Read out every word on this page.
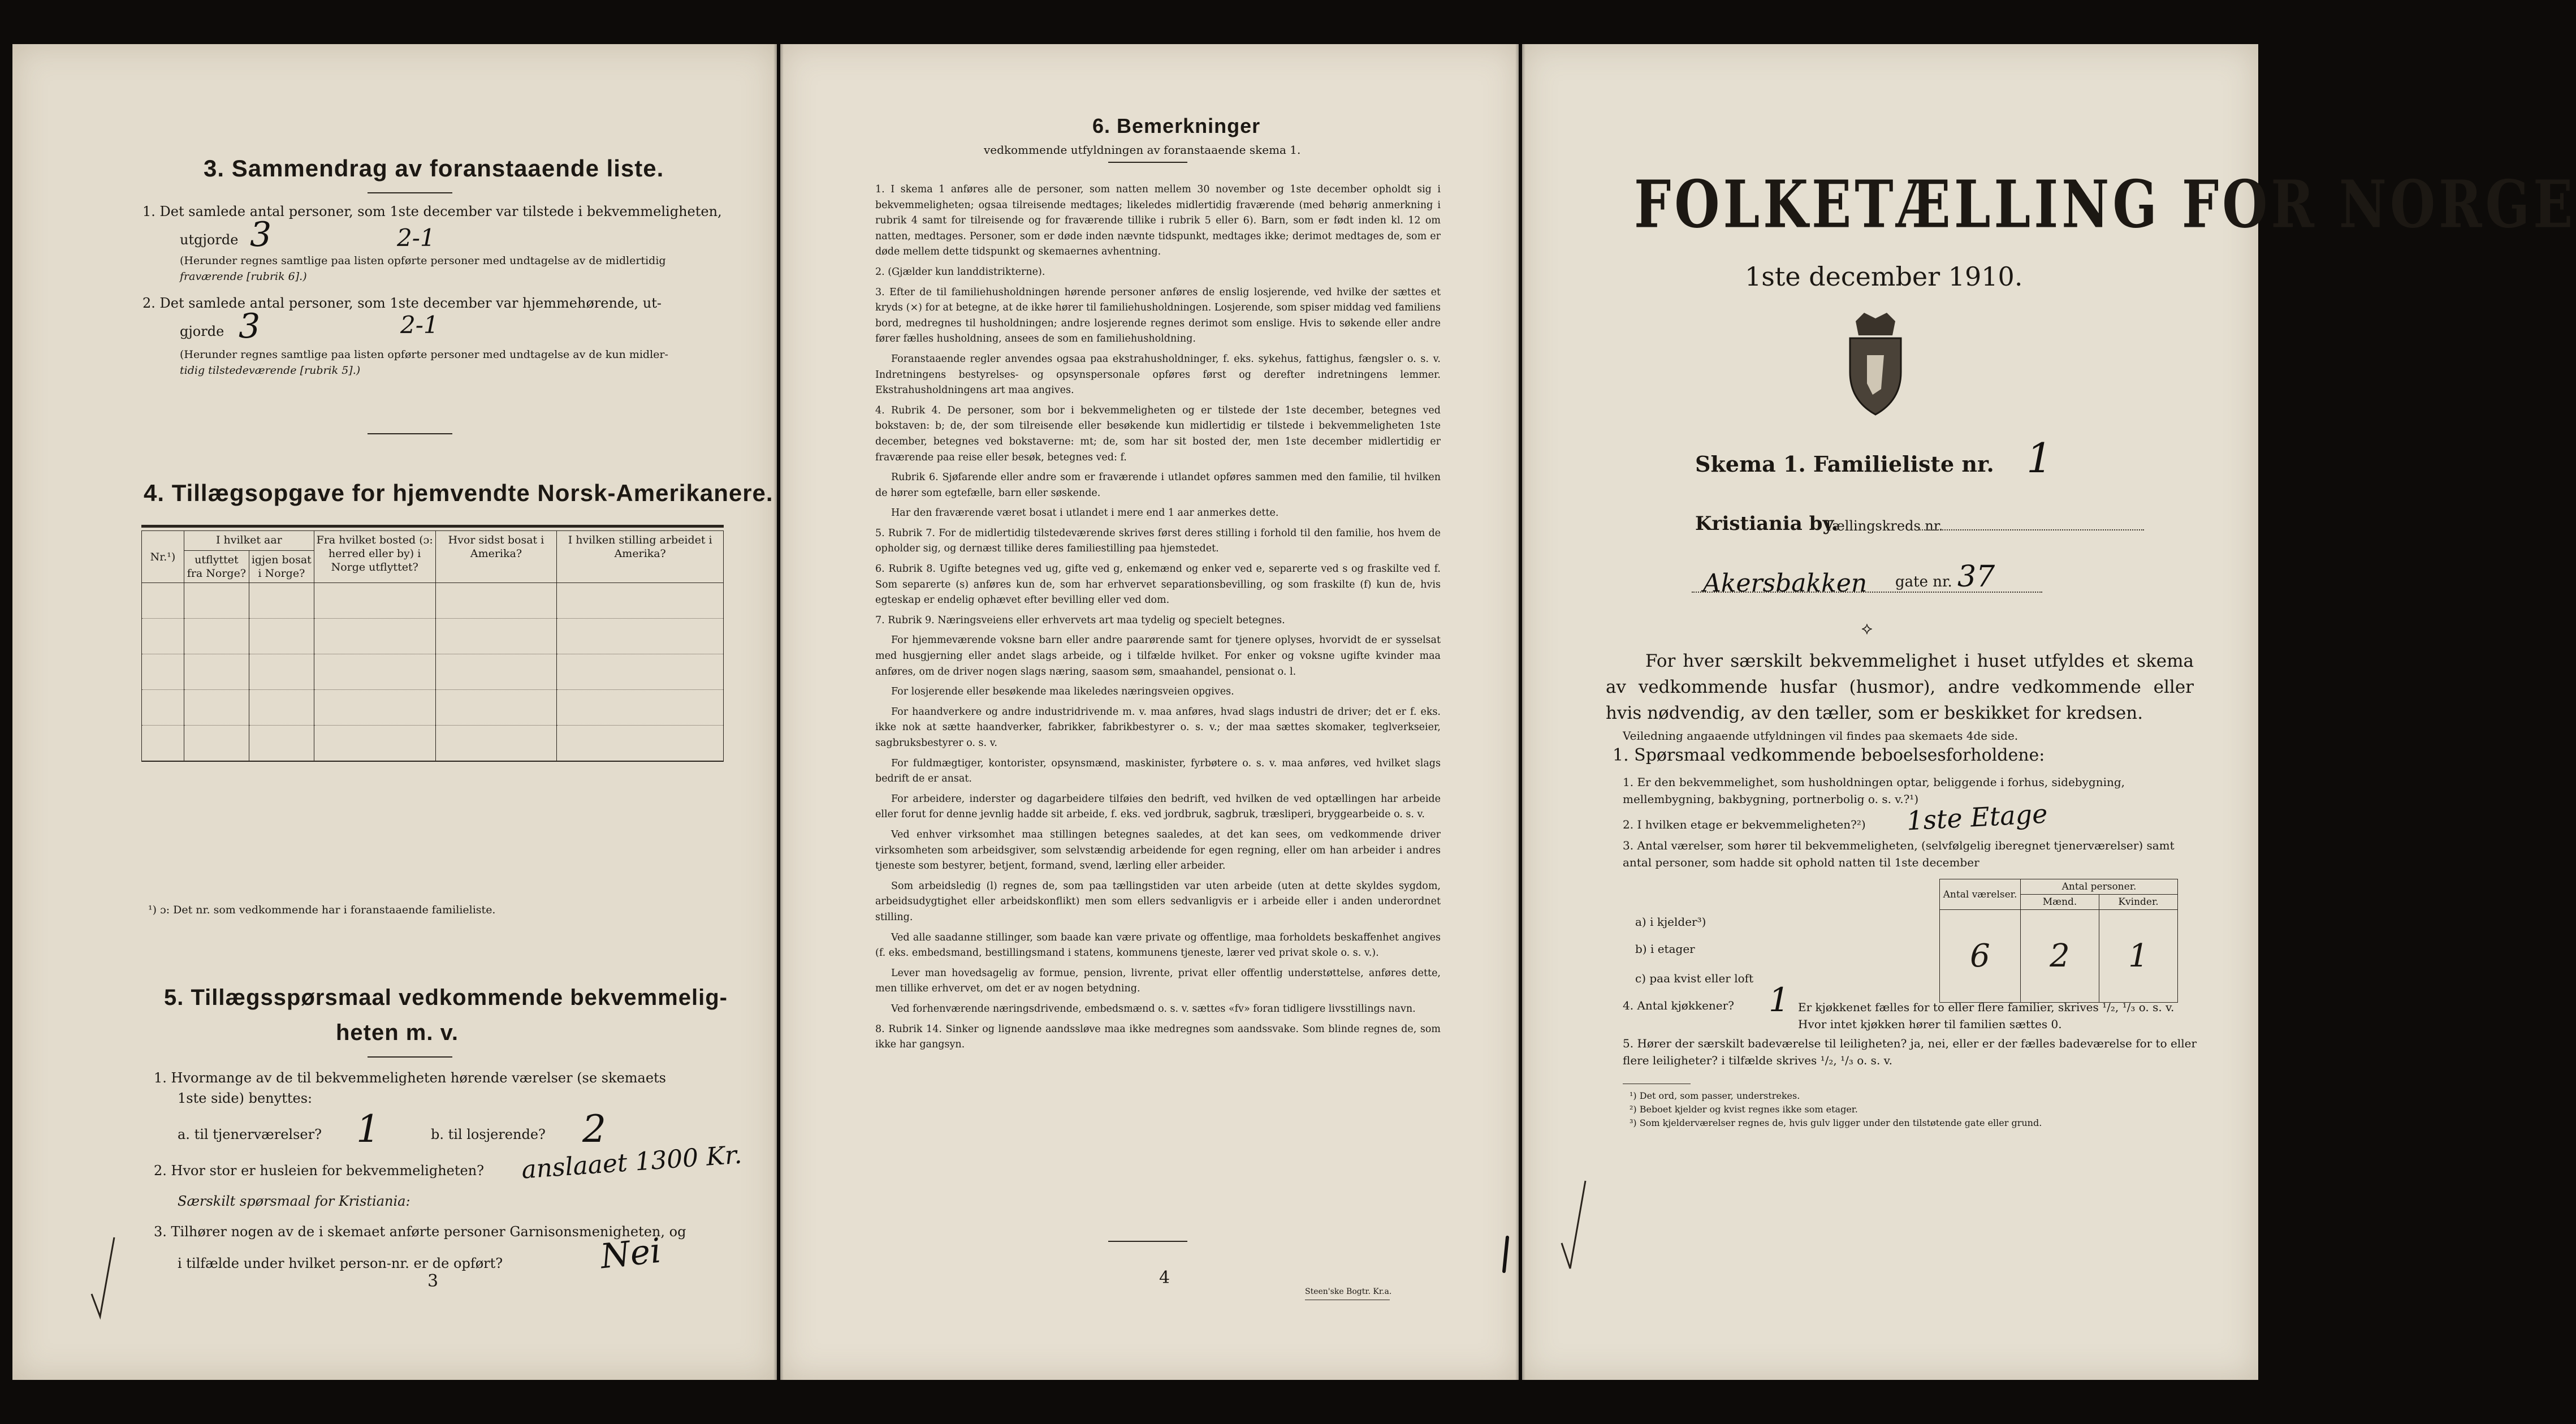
3. Sammendrag av foranstaaende liste.
1. Det samlede antal personer, som 1ste december var tilstede i bekvemmeligheten,
utgjorde 3	2-1
(Herunder regnes samtlige paa listen opførte personer med undtagelse av de midlertidig
fraværende [rubrik 6].)
2. Det samlede antal personer, som 1ste december var hjemmehørende, ut-
gjorde 3	2-1
(Herunder regnes samtlige paa listen opførte personer med undtagelse av de kun midler-
tidig tilstedeværende [rubrik 5].)
4. Tillægsopgave for hjemvendte Norsk-Amerikanere.
Nr.¹)	I hvilket aar		Fra hvilket bosted (ɔ: herred eller by) i Norge utflyttet?	Hvor sidst bosat i Amerika?	I hvilken stilling arbeidet i Amerika?
	utflyttet fra Norge?	igjen bosat i Norge?			

¹) ɔ: Det nr. som vedkommende har i foranstaaende familieliste.
5. Tillægsspørsmaal vedkommende bekvemmelig-
heten m. v.
1. Hvormange av de til bekvemmeligheten hørende værelser (se skemaets
1ste side) benyttes:
a. til tjenerværelser? 1	b. til losjerende? 2
2. Hvor stor er husleien for bekvemmeligheten? anslaaet 1300 Kr.
Særskilt spørsmaal for Kristiania:
3. Tilhører nogen av de i skemaet anførte personer Garnisonsmenigheten, og
i tilfælde under hvilket person-nr. er de opført?	Nei
3
6. Bemerkninger
vedkommende utfyldningen av foranstaaende skema 1.

1. I skema 1 anføres alle de personer, som natten mellem 30 november og 1ste december opholdt sig i bekvemmeligheten; ogsaa tilreisende medtages; likeledes midlertidig fraværende (med behørig anmerkning i rubrik 4 samt for tilreisende og for fraværende tillike i rubrik 5 eller 6). Barn, som er født inden kl. 12 om natten, medtages. Personer, som er døde inden nævnte tidspunkt, medtages ikke; derimot medtages de, som er døde mellem dette tidspunkt og skemaernes avhentning.

2. (Gjælder kun landdistrikterne).

3. Efter de til familiehusholdningen hørende personer anføres de enslig losjerende, ved hvilke der sættes et kryds (×) for at betegne, at de ikke hører til familiehusholdningen. Losjerende, som spiser middag ved familiens bord, medregnes til husholdningen; andre losjerende regnes derimot som enslige. Hvis to søkende eller andre fører fælles husholdning, ansees de som en familiehusholdning.

Foranstaaende regler anvendes ogsaa paa ekstrahusholdninger, f. eks. sykehus, fattighus, fængsler o. s. v. Indretningens bestyrelses- og opsynspersonale opføres først og derefter indretningens lemmer. Ekstrahusholdningens art maa angives.

4. Rubrik 4. De personer, som bor i bekvemmeligheten og er tilstede der 1ste december, betegnes ved bokstaven: b; de, der som tilreisende eller besøkende kun midlertidig er tilstede i bekvemmeligheten 1ste december, betegnes ved bokstaverne: mt; de, som har sit bosted der, men 1ste december midlertidig er fraværende paa reise eller besøk, betegnes ved: f.

Rubrik 6. Sjøfarende eller andre som er fraværende i utlandet opføres sammen med den familie, til hvilken de hører som egtefælle, barn eller søskende.

Har den fraværende været bosat i utlandet i mere end 1 aar anmerkes dette.

5. Rubrik 7. For de midlertidig tilstedeværende skrives først deres stilling i forhold til den familie, hos hvem de opholder sig, og dernæst tillike deres familiestilling paa hjemstedet.

6. Rubrik 8. Ugifte betegnes ved ug, gifte ved g, enkemænd og enker ved e, separerte ved s og fraskilte ved f. Som separerte (s) anføres kun de, som har erhvervet separationsbevilling, og som fraskilte (f) kun de, hvis egteskap er endelig ophævet efter bevilling eller ved dom.

7. Rubrik 9. Næringsveiens eller erhvervets art maa tydelig og specielt betegnes.

For hjemmeværende voksne barn eller andre paarørende samt for tjenere oplyses, hvorvidt de er sysselsat med husgjerning eller andet slags arbeide, og i tilfælde hvilket. For enker og voksne ugifte kvinder maa anføres, om de driver nogen slags næring, saasom søm, smaahandel, pensionat o. l.

For losjerende eller besøkende maa likeledes næringsveien opgives.

For haandverkere og andre industridrivende m. v. maa anføres, hvad slags industri de driver; det er f. eks. ikke nok at sætte haandverker, fabrikker, fabrikbestyrer o. s. v.; der maa sættes skomaker, teglverkseier, sagbruksbestyrer o. s. v.

For fuldmægtiger, kontorister, opsynsmænd, maskinister, fyrbøtere o. s. v. maa anføres, ved hvilket slags bedrift de er ansat.

For arbeidere, inderster og dagarbeidere tilføies den bedrift, ved hvilken de ved optællingen har arbeide eller forut for denne jevnlig hadde sit arbeide, f. eks. ved jordbruk, sagbruk, træsliperi, bryggearbeide o. s. v.

Ved enhver virksomhet maa stillingen betegnes saaledes, at det kan sees, om vedkommende driver virksomheten som arbeidsgiver, som selvstændig arbeidende for egen regning, eller om han arbeider i andres tjeneste som bestyrer, betjent, formand, svend, lærling eller arbeider.

Som arbeidsledig (l) regnes de, som paa tællingstiden var uten arbeide (uten at dette skyldes sygdom, arbeidsudygtighet eller arbeidskonflikt) men som ellers sedvanligvis er i arbeide eller i anden underordnet stilling.

Ved alle saadanne stillinger, som baade kan være private og offentlige, maa forholdets beskaffenhet angives (f. eks. embedsmand, bestillingsmand i statens, kommunens tjeneste, lærer ved privat skole o. s. v.).

Lever man hovedsagelig av formue, pension, livrente, privat eller offentlig understøttelse, anføres dette, men tillike erhvervet, om det er av nogen betydning.

Ved forhenværende næringsdrivende, embedsmænd o. s. v. sættes «fv» foran tidligere livsstillings navn.

8. Rubrik 14. Sinker og lignende aandssløve maa ikke medregnes som aandssvake. Som blinde regnes de, som ikke har gangsyn.

4
Steen'ske Bogtr. Kr.a.
FOLKETÆLLING FOR NORGE
1ste december 1910.
Skema 1. Familieliste nr. 1
Kristiania by.
Tællingskreds nr.
Akersbakken gate nr. 37
⟡
For hver særskilt bekvemmelighet i huset utfyldes et skema av vedkommende husfar (husmor), andre vedkommende eller hvis nødvendig, av den tæller, som er beskikket for kredsen.
Veiledning angaaende utfyldningen vil findes paa skemaets 4de side.
1. Spørsmaal vedkommende beboelsesforholdene:
1. Er den bekvemmelighet, som husholdningen optar, beliggende i forhus, sidebygning, mellembygning, bakbygning, portnerbolig o. s. v.?¹)
2. I hvilken etage er bekvemmeligheten?²) 1ste Etage
3. Antal værelser, som hører til bekvemmeligheten, (selvfølgelig iberegnet tjenerværelser) samt antal personer, som hadde sit ophold natten til 1ste december
Antal værelser.	Antal personer.	
	Mænd.	Kvinder.

6	2	1

a) i kjelder³)
b) i etager
c) paa kvist eller loft
4. Antal kjøkkener? 1 Er kjøkkenet fælles for to eller flere familier, skrives ¹/₂, ¹/₃ o. s. v. Hvor intet kjøkken hører til familien sættes 0.
5. Hører der særskilt badeværelse til leiligheten? ja, nei, eller er der fælles badeværelse for to eller flere leiligheter? i tilfælde skrives ¹/₂, ¹/₃ o. s. v.
¹) Det ord, som passer, understrekes.
²) Beboet kjelder og kvist regnes ikke som etager.
³) Som kjelderværelser regnes de, hvis gulv ligger under den tilstøtende gate eller grund.
